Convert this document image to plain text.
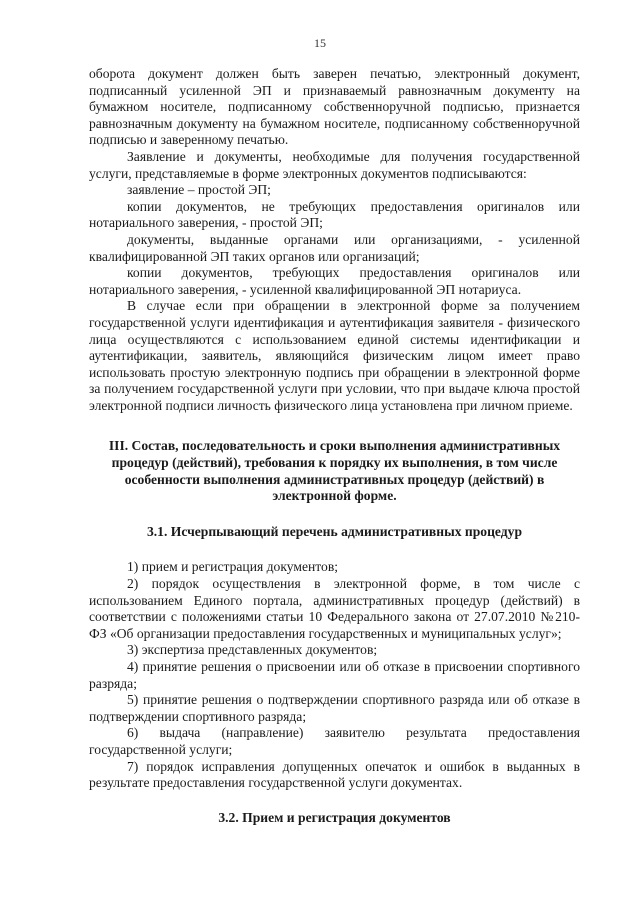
15

оборота документ должен быть заверен печатью, электронный документ, подписанный усиленной ЭП и признаваемый равнозначным документу на бумажном носителе, подписанному собственноручной подписью, признается равнозначным документу на бумажном носителе, подписанному собственноручной подписью и заверенному печатью.

Заявление и документы, необходимые для получения государственной услуги, представляемые в форме электронных документов подписываются:

заявление – простой ЭП;

копии документов, не требующих предоставления оригиналов или нотариального заверения, - простой ЭП;

документы, выданные органами или организациями, - усиленной квалифицированной ЭП таких органов или организаций;

копии документов, требующих предоставления оригиналов или нотариального заверения, - усиленной квалифицированной ЭП нотариуса.

В случае если при обращении в электронной форме за получением государственной услуги идентификация и аутентификация заявителя - физического лица осуществляются с использованием единой системы идентификации и аутентификации, заявитель, являющийся физическим лицом имеет право использовать простую электронную подпись при обращении в электронной форме за получением государственной услуги при условии, что при выдаче ключа простой электронной подписи личность физического лица установлена при личном приеме.

III. Состав, последовательность и сроки выполнения административных процедур (действий), требования к порядку их выполнения, в том числе особенности выполнения административных процедур (действий) в электронной форме.

3.1. Исчерпывающий перечень административных процедур

1) прием и регистрация документов;

2) порядок осуществления в электронной форме, в том числе с использованием Единого портала, административных процедур (действий) в соответствии с положениями статьи 10 Федерального закона от 27.07.2010 №210-ФЗ «Об организации предоставления государственных и муниципальных услуг»;

3) экспертиза представленных документов;

4) принятие решения о присвоении или об отказе в присвоении спортивного разряда;

5) принятие решения о подтверждении спортивного разряда или об отказе в подтверждении спортивного разряда;

6) выдача (направление) заявителю результата предоставления государственной услуги;

7) порядок исправления допущенных опечаток и ошибок в выданных в результате предоставления государственной услуги документах.

3.2. Прием и регистрация документов
